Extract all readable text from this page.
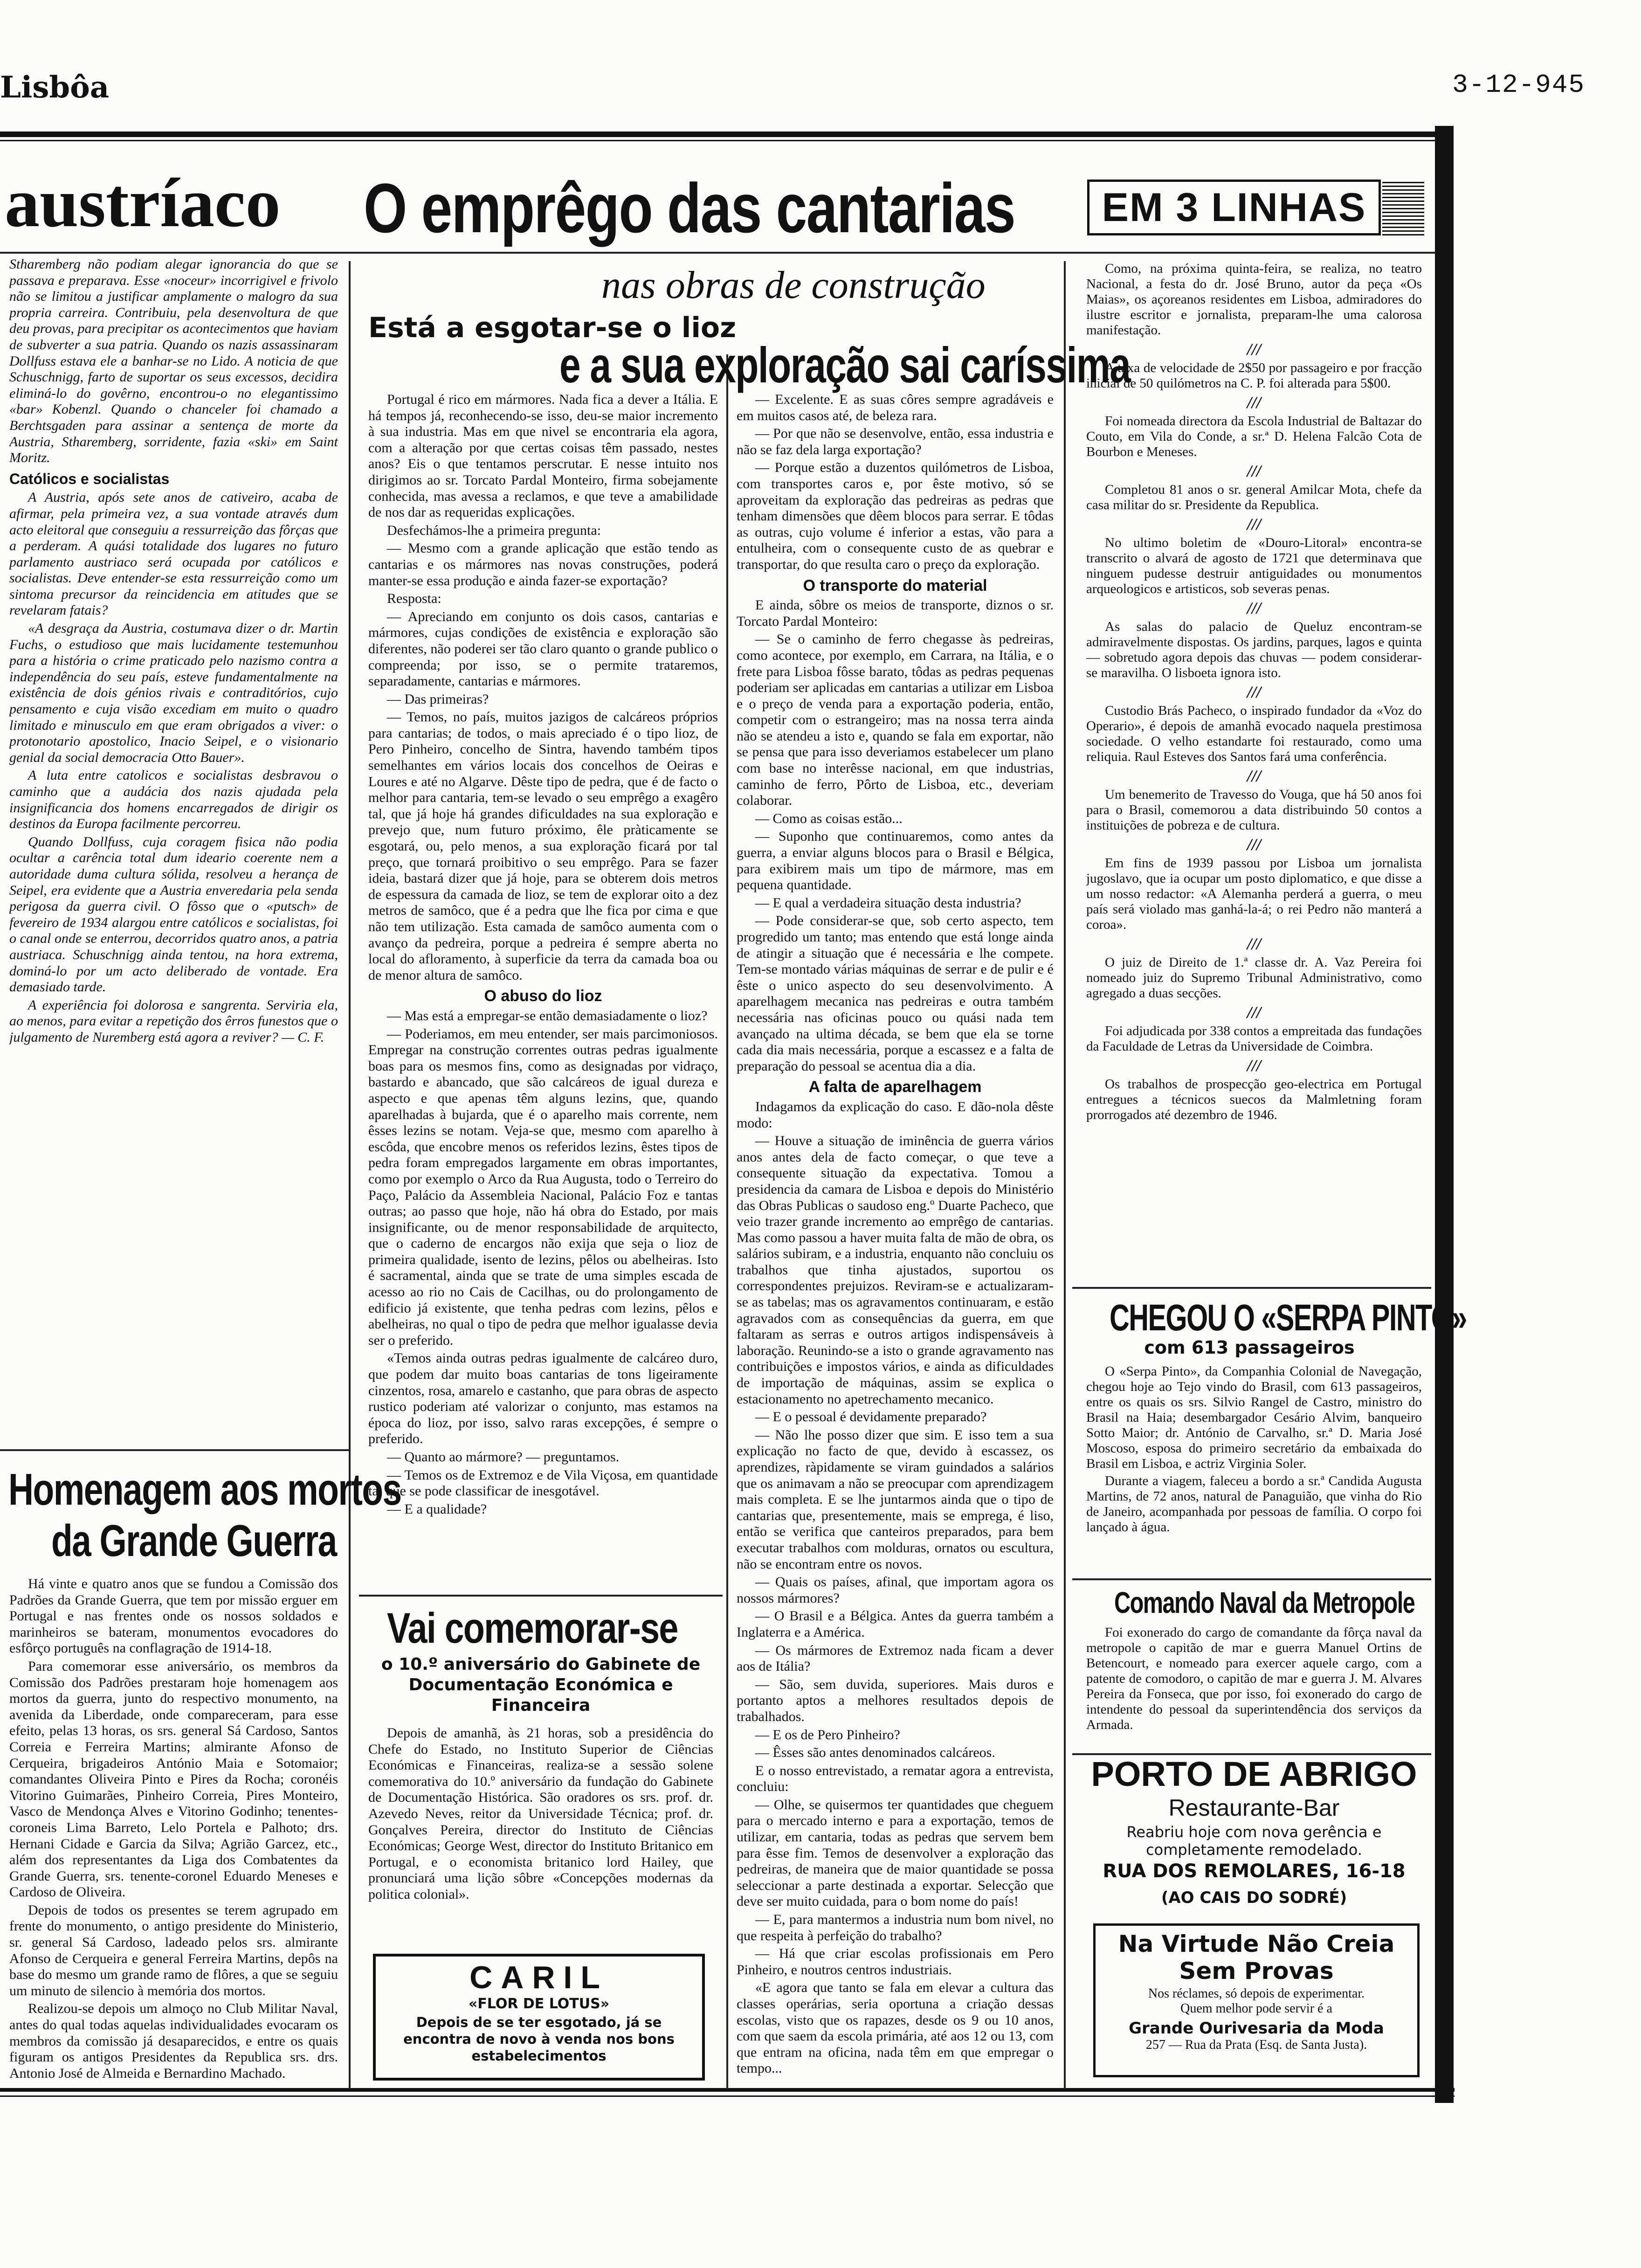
Lisbôa	3-12-945
austríaco

Stharemberg não podiam alegar ignorancia do que se passava e preparava. Esse «noceur» incorrigivel e frivolo não se limitou a justificar amplamente o malogro da sua propria carreira. Contribuiu, pela desenvoltura de que deu provas, para precipitar os acontecimentos que haviam de subverter a sua patria. Quando os nazis assassinaram Dollfuss estava ele a banhar-se no Lido. A noticia de que Schuschnigg, farto de suportar os seus excessos, decidira eliminá-lo do govêrno, encontrou-o no elegantissimo «bar» Kobenzl. Quando o chanceler foi chamado a Berchtsgaden para assinar a sentença de morte da Austria, Stharemberg, sorridente, fazia «ski» em Saint Moritz.

Católicos e socialistas

A Austria, após sete anos de cativeiro, acaba de afirmar, pela primeira vez, a sua vontade através dum acto eleitoral que conseguiu a ressurreição das fôrças que a perderam. A quási totalidade dos lugares no futuro parlamento austriaco será ocupada por católicos e socialistas. Deve entender-se esta ressurreição como um sintoma precursor da reincidencia em atitudes que se revelaram fatais?

«A desgraça da Austria, costumava dizer o dr. Martin Fuchs, o estudioso que mais lucidamente testemunhou para a história o crime praticado pelo nazismo contra a independência do seu país, esteve fundamentalmente na existência de dois génios rivais e contraditórios, cujo pensamento e cuja visão excediam em muito o quadro limitado e minusculo em que eram obrigados a viver: o protonotario apostolico, Inacio Seipel, e o visionario genial da social democracia Otto Bauer».

A luta entre catolicos e socialistas desbravou o caminho que a audácia dos nazis ajudada pela insignificancia dos homens encarregados de dirigir os destinos da Europa facilmente percorreu.

Quando Dollfuss, cuja coragem fisica não podia ocultar a carência total dum ideario coerente nem a autoridade duma cultura sólida, resolveu a herança de Seipel, era evidente que a Austria enveredaria pela senda perigosa da guerra civil. O fôsso que o «putsch» de fevereiro de 1934 alargou entre católicos e socialistas, foi o canal onde se enterrou, decorridos quatro anos, a patria austriaca. Schuschnigg ainda tentou, na hora extrema, dominá-lo por um acto deliberado de vontade. Era demasiado tarde.

A experiência foi dolorosa e sangrenta. Serviria ela, ao menos, para evitar a repetição dos êrros funestos que o julgamento de Nuremberg está agora a reviver? — C. F.

Homenagem aos mortos
da Grande Guerra

Há vinte e quatro anos que se fundou a Comissão dos Padrões da Grande Guerra, que tem por missão erguer em Portugal e nas frentes onde os nossos soldados e marinheiros se bateram, monumentos evocadores do esfôrço português na conflagração de 1914-18.

Para comemorar esse aniversário, os membros da Comissão dos Padrões prestaram hoje homenagem aos mortos da guerra, junto do respectivo monumento, na avenida da Liberdade, onde compareceram, para esse efeito, pelas 13 horas, os srs. general Sá Cardoso, Santos Correia e Ferreira Martins; almirante Afonso de Cerqueira, brigadeiros António Maia e Sotomaior; comandantes Oliveira Pinto e Pires da Rocha; coronéis Vitorino Guimarães, Pinheiro Correia, Pires Monteiro, Vasco de Mendonça Alves e Vitorino Godinho; tenentes-coroneis Lima Barreto, Lelo Portela e Palhoto; drs. Hernani Cidade e Garcia da Silva; Agrião Garcez, etc., além dos representantes da Liga dos Combatentes da Grande Guerra, srs. tenente-coronel Eduardo Meneses e Cardoso de Oliveira.

Depois de todos os presentes se terem agrupado em frente do monumento, o antigo presidente do Ministerio, sr. general Sá Cardoso, ladeado pelos srs. almirante Afonso de Cerqueira e general Ferreira Martins, depôs na base do mesmo um grande ramo de flôres, a que se seguiu um minuto de silencio à memória dos mortos.

Realizou-se depois um almoço no Club Militar Naval, antes do qual todas aquelas individualidades evocaram os membros da comissão já desaparecidos, e entre os quais figuram os antigos Presidentes da Republica srs. drs. Antonio José de Almeida e Bernardino Machado.

O emprêgo das cantarias
nas obras de construção
Está a esgotar-se o lioz
e a sua exploração sai caríssima

Portugal é rico em mármores. Nada fica a dever a Itália. E há tempos já, reconhecendo-se isso, deu-se maior incremento à sua industria. Mas em que nivel se encontraria ela agora, com a alteração por que certas coisas têm passado, nestes anos? Eis o que tentamos perscrutar. E nesse intuito nos dirigimos ao sr. Torcato Pardal Monteiro, firma sobejamente conhecida, mas avessa a reclamos, e que teve a amabilidade de nos dar as requeridas explicações.

Desfechámos-lhe a primeira pregunta:

— Mesmo com a grande aplicação que estão tendo as cantarias e os mármores nas novas construções, poderá manter-se essa produção e ainda fazer-se exportação?

Resposta:

— Apreciando em conjunto os dois casos, cantarias e mármores, cujas condições de existência e exploração são diferentes, não poderei ser tão claro quanto o grande publico o compreenda; por isso, se o permite trataremos, separadamente, cantarias e mármores.

— Das primeiras?

— Temos, no país, muitos jazigos de calcáreos próprios para cantarias; de todos, o mais apreciado é o tipo lioz, de Pero Pinheiro, concelho de Sintra, havendo também tipos semelhantes em vários locais dos concelhos de Oeiras e Loures e até no Algarve. Dêste tipo de pedra, que é de facto o melhor para cantaria, tem-se levado o seu emprêgo a exagêro tal, que já hoje há grandes dificuldades na sua exploração e prevejo que, num futuro próximo, êle pràticamente se esgotará, ou, pelo menos, a sua exploração ficará por tal preço, que tornará proibitivo o seu emprêgo. Para se fazer ideia, bastará dizer que já hoje, para se obterem dois metros de espessura da camada de lioz, se tem de explorar oito a dez metros de samôco, que é a pedra que lhe fica por cima e que não tem utilização. Esta camada de samôco aumenta com o avanço da pedreira, porque a pedreira é sempre aberta no local do afloramento, à superficie da terra da camada boa ou de menor altura de samôco.

O abuso do lioz

— Mas está a empregar-se então demasiadamente o lioz?

— Poderiamos, em meu entender, ser mais parcimoniosos. Empregar na construção correntes outras pedras igualmente boas para os mesmos fins, como as designadas por vidraço, bastardo e abancado, que são calcáreos de igual dureza e aspecto e que apenas têm alguns lezins, que, quando aparelhadas à bujarda, que é o aparelho mais corrente, nem êsses lezins se notam. Veja-se que, mesmo com aparelho à escôda, que encobre menos os referidos lezins, êstes tipos de pedra foram empregados largamente em obras importantes, como por exemplo o Arco da Rua Augusta, todo o Terreiro do Paço, Palácio da Assembleia Nacional, Palácio Foz e tantas outras; ao passo que hoje, não há obra do Estado, por mais insignificante, ou de menor responsabilidade de arquitecto, que o caderno de encargos não exija que seja o lioz de primeira qualidade, isento de lezins, pêlos ou abelheiras. Isto é sacramental, ainda que se trate de uma simples escada de acesso ao rio no Cais de Cacilhas, ou do prolongamento de edificio já existente, que tenha pedras com lezins, pêlos e abelheiras, no qual o tipo de pedra que melhor igualasse devia ser o preferido.

«Temos ainda outras pedras igualmente de calcáreo duro, que podem dar muito boas cantarias de tons ligeiramente cinzentos, rosa, amarelo e castanho, que para obras de aspecto rustico poderiam até valorizar o conjunto, mas estamos na época do lioz, por isso, salvo raras excepções, é sempre o preferido.

— Quanto ao mármore? — preguntamos.

— Temos os de Extremoz e de Vila Viçosa, em quantidade tal que se pode classificar de inesgotável.

— E a qualidade?

— Excelente. E as suas côres sempre agradáveis e em muitos casos até, de beleza rara.

— Por que não se desenvolve, então, essa industria e não se faz dela larga exportação?

— Porque estão a duzentos quilómetros de Lisboa, com transportes caros e, por êste motivo, só se aproveitam da exploração das pedreiras as pedras que tenham dimensões que dêem blocos para serrar. E tôdas as outras, cujo volume é inferior a estas, vão para a entulheira, com o consequente custo de as quebrar e transportar, do que resulta caro o preço da exploração.

O transporte do material

E ainda, sôbre os meios de transporte, diznos o sr. Torcato Pardal Monteiro:

— Se o caminho de ferro chegasse às pedreiras, como acontece, por exemplo, em Carrara, na Itália, e o frete para Lisboa fôsse barato, tôdas as pedras pequenas poderiam ser aplicadas em cantarias a utilizar em Lisboa e o preço de venda para a exportação poderia, então, competir com o estrangeiro; mas na nossa terra ainda não se atendeu a isto e, quando se fala em exportar, não se pensa que para isso deveriamos estabelecer um plano com base no interêsse nacional, em que industrias, caminho de ferro, Pôrto de Lisboa, etc., deveriam colaborar.

— Como as coisas estão...

— Suponho que continuaremos, como antes da guerra, a enviar alguns blocos para o Brasil e Bélgica, para exibirem mais um tipo de mármore, mas em pequena quantidade.

— E qual a verdadeira situação desta industria?

— Pode considerar-se que, sob certo aspecto, tem progredido um tanto; mas entendo que está longe ainda de atingir a situação que é necessária e lhe compete. Tem-se montado várias máquinas de serrar e de pulir e é êste o unico aspecto do seu desenvolvimento. A aparelhagem mecanica nas pedreiras e outra também necessária nas oficinas pouco ou quási nada tem avançado na ultima década, se bem que ela se torne cada dia mais necessária, porque a escassez e a falta de preparação do pessoal se acentua dia a dia.

A falta de aparelhagem

Indagamos da explicação do caso. E dão-nola dêste modo:

— Houve a situação de iminência de guerra vários anos antes dela de facto começar, o que teve a consequente situação da expectativa. Tomou a presidencia da camara de Lisboa e depois do Ministério das Obras Publicas o saudoso eng.º Duarte Pacheco, que veio trazer grande incremento ao emprêgo de cantarias. Mas como passou a haver muita falta de mão de obra, os salários subiram, e a industria, enquanto não concluiu os trabalhos que tinha ajustados, suportou os correspondentes prejuizos. Reviram-se e actualizaram-se as tabelas; mas os agravamentos continuaram, e estão agravados com as consequências da guerra, em que faltaram as serras e outros artigos indispensáveis à laboração. Reunindo-se a isto o grande agravamento nas contribuições e impostos vários, e ainda as dificuldades de importação de máquinas, assim se explica o estacionamento no apetrechamento mecanico.

— E o pessoal é devidamente preparado?

— Não lhe posso dizer que sim. E isso tem a sua explicação no facto de que, devido à escassez, os aprendizes, ràpidamente se viram guindados a salários que os animavam a não se preocupar com aprendizagem mais completa. E se lhe juntarmos ainda que o tipo de cantarias que, presentemente, mais se emprega, é liso, então se verifica que canteiros preparados, para bem executar trabalhos com molduras, ornatos ou escultura, não se encontram entre os novos.

— Quais os países, afinal, que importam agora os nossos mármores?

— O Brasil e a Bélgica. Antes da guerra também a Inglaterra e a América.

— Os mármores de Extremoz nada ficam a dever aos de Itália?

— São, sem duvida, superiores. Mais duros e portanto aptos a melhores resultados depois de trabalhados.

— E os de Pero Pinheiro?

— Êsses são antes denominados calcáreos.

E o nosso entrevistado, a rematar agora a entrevista, concluiu:

— Olhe, se quisermos ter quantidades que cheguem para o mercado interno e para a exportação, temos de utilizar, em cantaria, todas as pedras que servem bem para êsse fim. Temos de desenvolver a exploração das pedreiras, de maneira que de maior quantidade se possa seleccionar a parte destinada a exportar. Selecção que deve ser muito cuidada, para o bom nome do país!

— E, para mantermos a industria num bom nivel, no que respeita à perfeição do trabalho?

— Há que criar escolas profissionais em Pero Pinheiro, e noutros centros industriais.

«E agora que tanto se fala em elevar a cultura das classes operárias, seria oportuna a criação dessas escolas, visto que os rapazes, desde os 9 ou 10 anos, com que saem da escola primária, até aos 12 ou 13, com que entram na oficina, nada têm em que empregar o tempo...

Vai comemorar-se
o 10.º aniversário do Gabinete de Documentação Económica e Financeira

Depois de amanhã, às 21 horas, sob a presidência do Chefe do Estado, no Instituto Superior de Ciências Económicas e Financeiras, realiza-se a sessão solene comemorativa do 10.º aniversário da fundação do Gabinete de Documentação Histórica. São oradores os srs. prof. dr. Azevedo Neves, reitor da Universidade Técnica; prof. dr. Gonçalves Pereira, director do Instituto de Ciências Económicas; George West, director do Instituto Britanico em Portugal, e o economista britanico lord Hailey, que pronunciará uma lição sôbre «Concepções modernas da politica colonial».

CARIL
«FLOR DE LOTUS»
Depois de se ter esgotado, já se encontra de novo à venda nos bons estabelecimentos
EM 3 LINHAS

Como, na próxima quinta-feira, se realiza, no teatro Nacional, a festa do dr. José Bruno, autor da peça «Os Maias», os açoreanos residentes em Lisboa, admiradores do ilustre escritor e jornalista, preparam-lhe uma calorosa manifestação.

///

A taxa de velocidade de 2$50 por passageiro e por fracção inicial de 50 quilómetros na C. P. foi alterada para 5$00.

///

Foi nomeada directora da Escola Industrial de Baltazar do Couto, em Vila do Conde, a sr.ª D. Helena Falcão Cota de Bourbon e Meneses.

///

Completou 81 anos o sr. general Amilcar Mota, chefe da casa militar do sr. Presidente da Republica.

///

No ultimo boletim de «Douro-Litoral» encontra-se transcrito o alvará de agosto de 1721 que determinava que ninguem pudesse destruir antiguidades ou monumentos arqueologicos e artisticos, sob severas penas.

///

As salas do palacio de Queluz encontram-se admiravelmente dispostas. Os jardins, parques, lagos e quinta — sobretudo agora depois das chuvas — podem considerar-se maravilha. O lisboeta ignora isto.

///

Custodio Brás Pacheco, o inspirado fundador da «Voz do Operario», é depois de amanhã evocado naquela prestimosa sociedade. O velho estandarte foi restaurado, como uma reliquia. Raul Esteves dos Santos fará uma conferência.

///

Um benemerito de Travesso do Vouga, que há 50 anos foi para o Brasil, comemorou a data distribuindo 50 contos a instituições de pobreza e de cultura.

///

Em fins de 1939 passou por Lisboa um jornalista jugoslavo, que ia ocupar um posto diplomatico, e que disse a um nosso redactor: «A Alemanha perderá a guerra, o meu país será violado mas ganhá-la-á; o rei Pedro não manterá a coroa».

///

O juiz de Direito de 1.ª classe dr. A. Vaz Pereira foi nomeado juiz do Supremo Tribunal Administrativo, como agregado a duas secções.

///

Foi adjudicada por 338 contos a empreitada das fundações da Faculdade de Letras da Universidade de Coimbra.

///

Os trabalhos de prospecção geo-electrica em Portugal entregues a técnicos suecos da Malmletning foram prorrogados até dezembro de 1946.

CHEGOU O «SERPA PINTO»
com 613 passageiros

O «Serpa Pinto», da Companhia Colonial de Navegação, chegou hoje ao Tejo vindo do Brasil, com 613 passageiros, entre os quais os srs. Silvio Rangel de Castro, ministro do Brasil na Haia; desembargador Cesário Alvim, banqueiro Sotto Maior; dr. António de Carvalho, sr.ª D. Maria José Moscoso, esposa do primeiro secretário da embaixada do Brasil em Lisboa, e actriz Virginia Soler.

Durante a viagem, faleceu a bordo a sr.ª Candida Augusta Martins, de 72 anos, natural de Panaguião, que vinha do Rio de Janeiro, acompanhada por pessoas de família. O corpo foi lançado à água.

Comando Naval da Metropole

Foi exonerado do cargo de comandante da fôrça naval da metropole o capitão de mar e guerra Manuel Ortins de Betencourt, e nomeado para exercer aquele cargo, com a patente de comodoro, o capitão de mar e guerra J. M. Alvares Pereira da Fonseca, que por isso, foi exonerado do cargo de intendente do pessoal da superintendência dos serviços da Armada.

PORTO DE ABRIGO
Restaurante-Bar
Reabriu hoje com nova gerência e completamente remodelado.
RUA DOS REMOLARES, 16-18
(AO CAIS DO SODRÉ)
Na Virtude Não Creia
Sem Provas
Nos réclames, só depois de experimentar.
Quem melhor pode servir é a
Grande Ourivesaria da Moda
257 — Rua da Prata (Esq. de Santa Justa).
